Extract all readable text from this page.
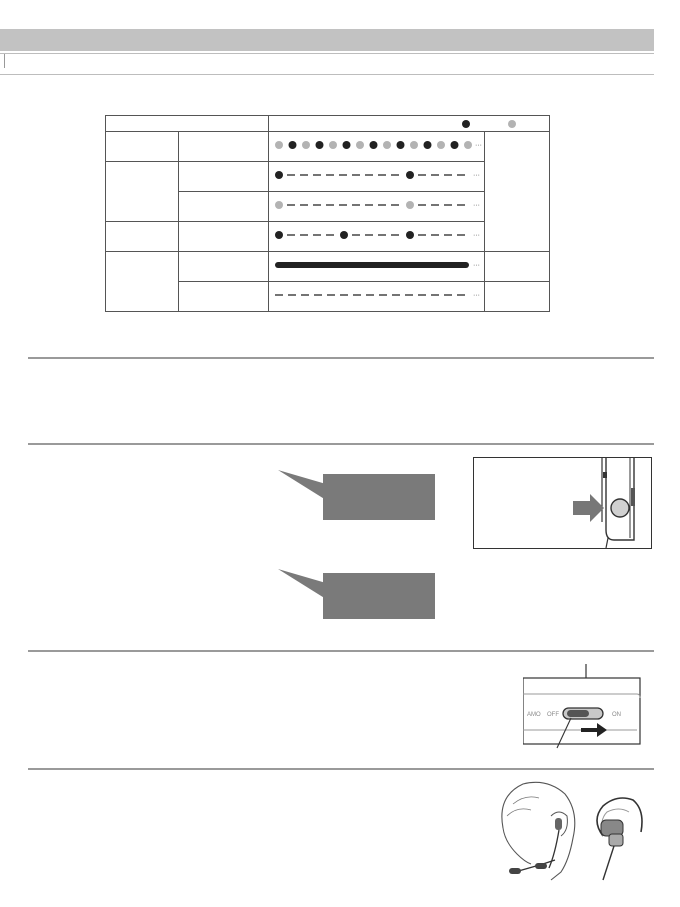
···	

···	

···	

···	

···	

···	

AMO OFF	ON
